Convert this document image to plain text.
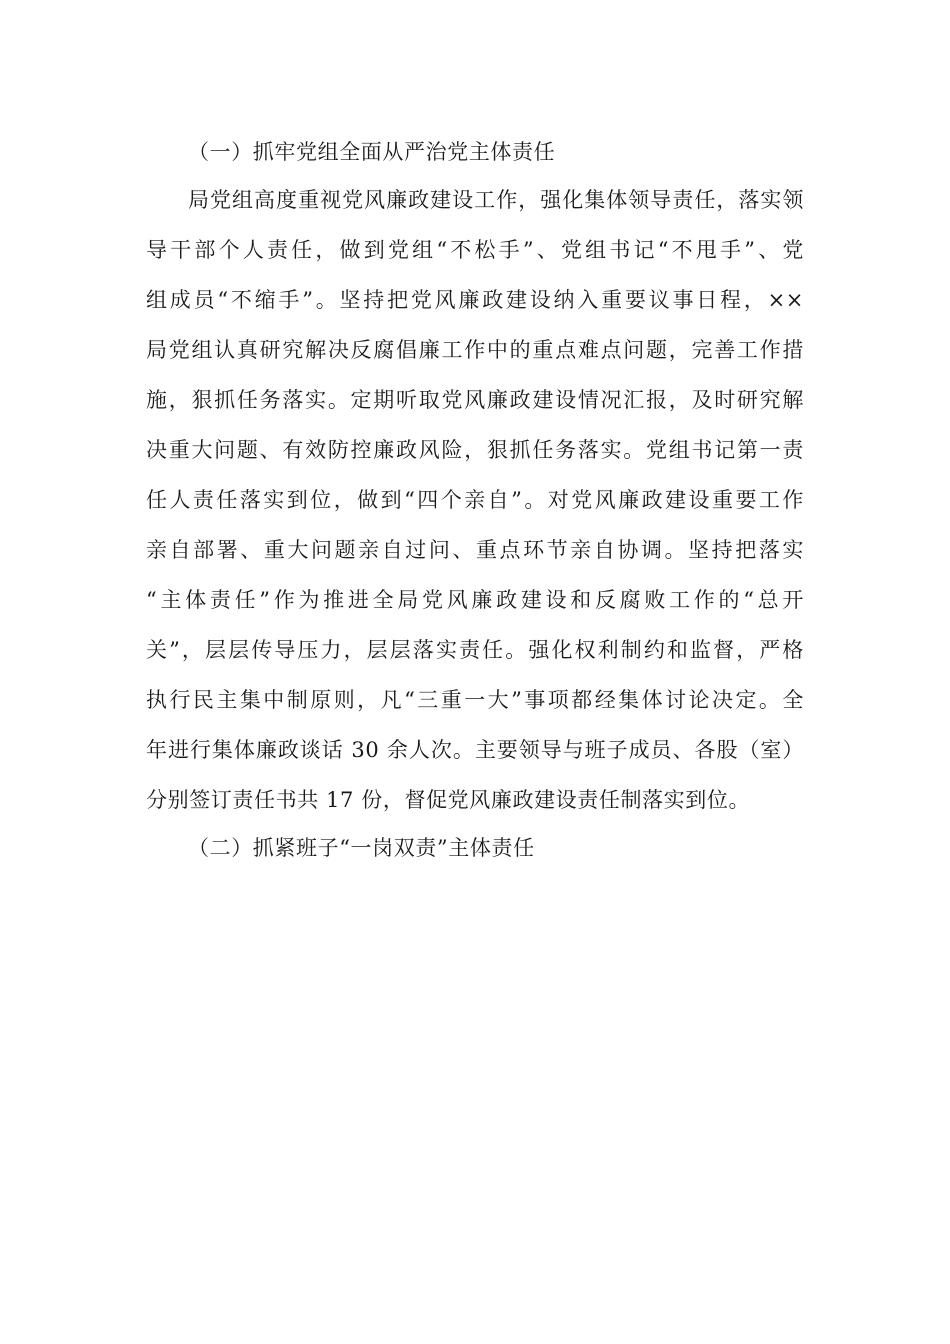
（一）抓牢党组全面从严治党主体责任
局党组高度重视党风廉政建设工作，强化集体领导责任，落实领
导干部个人责任，做到党组“不松手”、党组书记“不甩手”、党
组成员“不缩手”。坚持把党风廉政建设纳入重要议事日程，××
局党组认真研究解决反腐倡廉工作中的重点难点问题，完善工作措
施，狠抓任务落实。定期听取党风廉政建设情况汇报，及时研究解
决重大问题、有效防控廉政风险，狠抓任务落实。党组书记第一责
任人责任落实到位，做到“四个亲自”。对党风廉政建设重要工作
亲自部署、重大问题亲自过问、重点环节亲自协调。坚持把落实
“主体责任”作为推进全局党风廉政建设和反腐败工作的“总开
关”，层层传导压力，层层落实责任。强化权利制约和监督，严格
执行民主集中制原则，凡“三重一大”事项都经集体讨论决定。全
年进行集体廉政谈话 30 余人次。主要领导与班子成员、各股（室）
分别签订责任书共 17 份，督促党风廉政建设责任制落实到位。
（二）抓紧班子“一岗双责”主体责任
